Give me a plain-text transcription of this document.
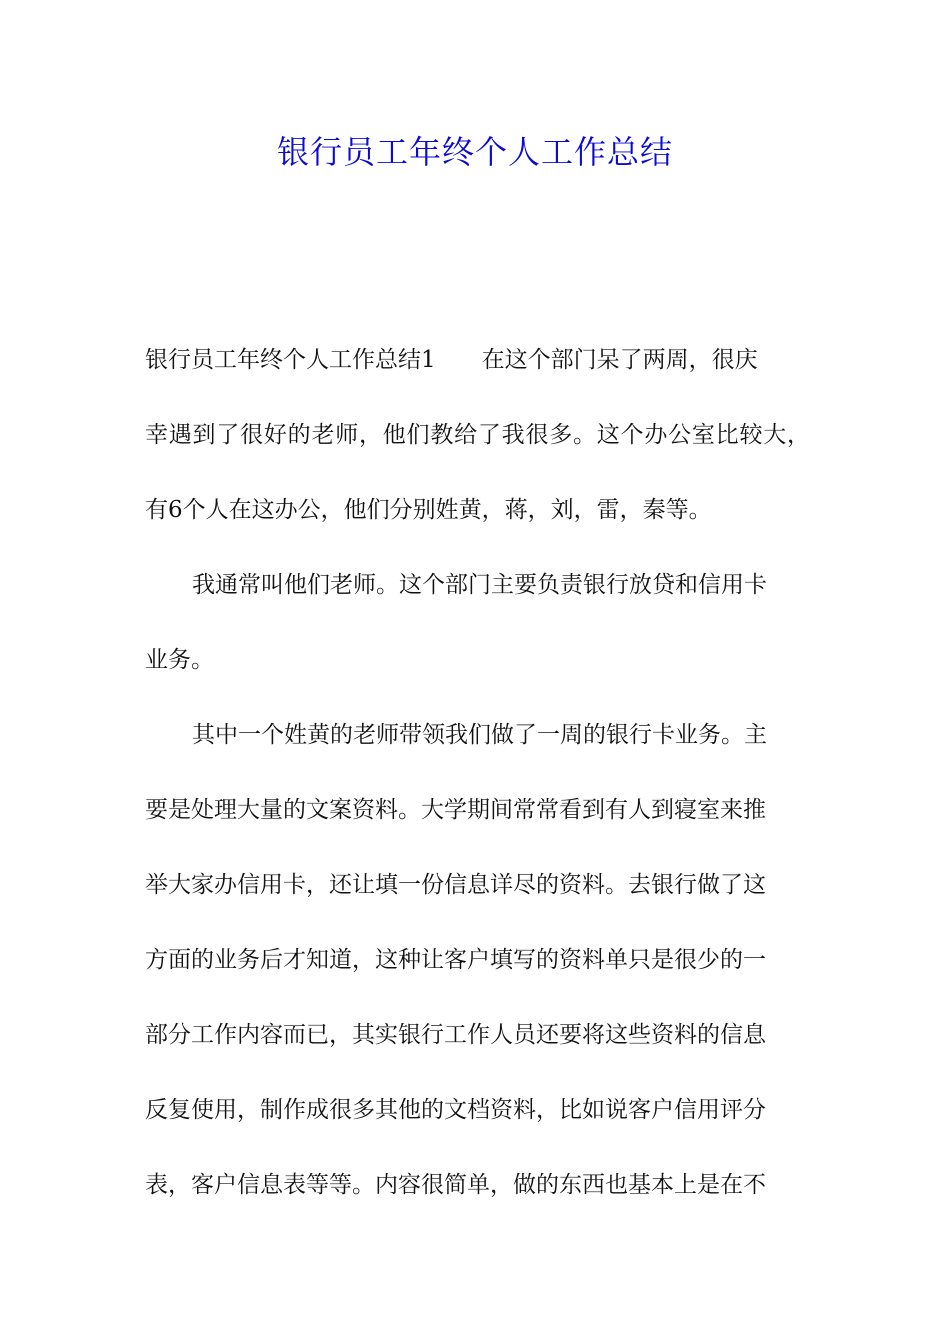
银行员工年终个人工作总结
银行员工年终个人工作总结1　　在这个部门呆了两周，很庆
幸遇到了很好的老师，他们教给了我很多。这个办公室比较大，
有6个人在这办公，他们分别姓黄，蒋，刘，雷，秦等。
我通常叫他们老师。这个部门主要负责银行放贷和信用卡
业务。
其中一个姓黄的老师带领我们做了一周的银行卡业务。主
要是处理大量的文案资料。大学期间常常看到有人到寝室来推
举大家办信用卡，还让填一份信息详尽的资料。去银行做了这
方面的业务后才知道，这种让客户填写的资料单只是很少的一
部分工作内容而已，其实银行工作人员还要将这些资料的信息
反复使用，制作成很多其他的文档资料，比如说客户信用评分
表，客户信息表等等。内容很简单，做的东西也基本上是在不
